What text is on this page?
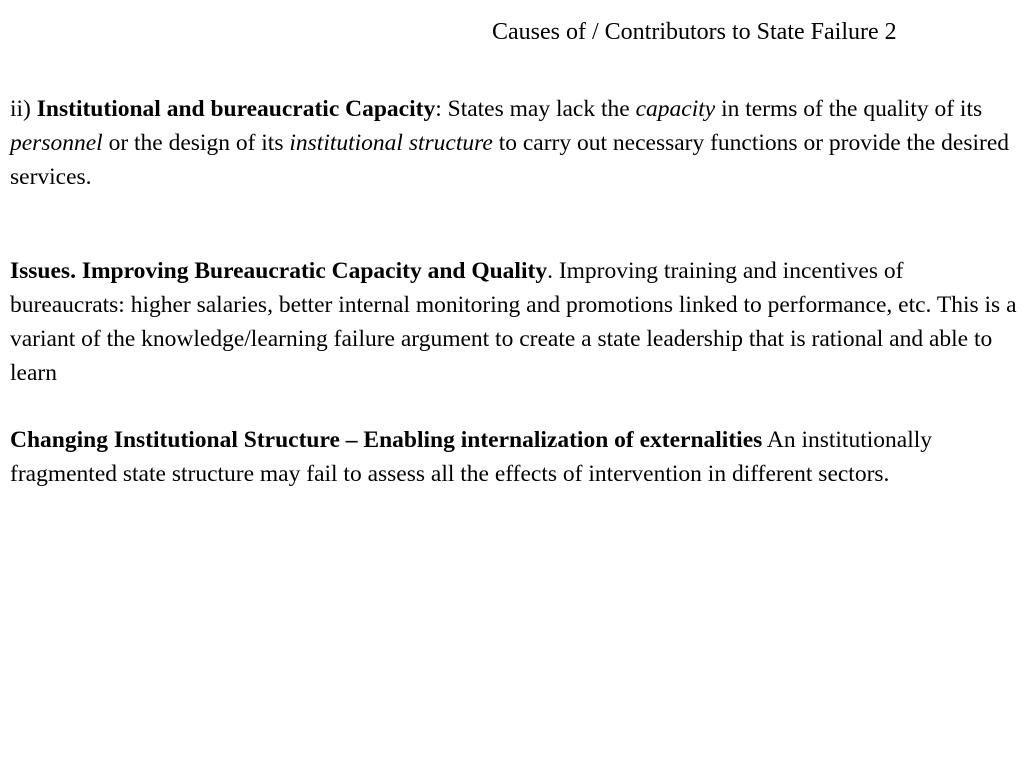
Causes of / Contributors to State Failure 2

ii) Institutional and bureaucratic Capacity: States may lack the capacity in terms of the quality of its personnel or the design of its institutional structure to carry out necessary functions or provide the desired services.

Issues. Improving Bureaucratic Capacity and Quality. Improving training and incentives of bureaucrats: higher salaries, better internal monitoring and promotions linked to performance, etc. This is a variant of the knowledge/learning failure argument to create a state leadership that is rational and able to learn

Changing Institutional Structure – Enabling internalization of externalities An institutionally fragmented state structure may fail to assess all the effects of intervention in different sectors.
